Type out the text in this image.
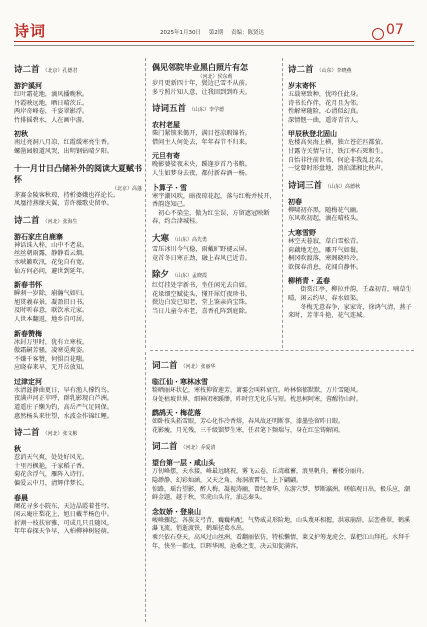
诗词	2025年1月30日 第2期 责编：陈贤达	07
诗二首 （北京）孔德君
游沪溪河
红叶霜花地，滴风播晚秋。
丹霞映远地，晒日晴茨丘。
两岸奇峰卷，千姿翠影浮。
竹排摇碧水，人在画中游。
初秋
南过亮洞八月凉，红霞缓寒亮生香。
螺凿园般道风哭，出明钢钻晴夕阳。
十一月廿日凸储补外的阅读大夏赋书怀
（北京）高蓬
茅赛金陵客秋琼，持析婆娥也祥论长。
凤凰待燕缘天翼，青许薇歌史留单。
诗二首 （河北）张海生
游石家庄自鹿寨
神话诛入梓，山中不老泉。
丝丝朝雨露，静静看云烟。
水峡籁吹汛，花兔自有宽。
仙方何必问，避世到延年。
新春书怀
瞬刹一岁除，崩瀚气如归。
旭贯羲春景，凝盈旧日书。
及时听春意，联饮承元家。
人世本翻返，地乡自可居。
新春赞梅
冰封万里时，犹有立寒枝。
傲霜嗣芳骚，凌寒觅爽姿。
不嫌千客赞，何惧百花嗤。
应晓春来早，无开岳放知。
过津定河
水清涟静曲更日，早有渔人撑钓鸟。
夜满声河正苹呼，群乳影现白芦洲。
道遥庄子懒为钓，高岳严气足同保。
惠然杨头来往望，水波金作锦红鲤。
诗二首 （河北）张文彬
秋
惹消天气爽，处处好风光。
十里丹枫艳，千家稻子香。
菊花含浮气，雁阵入诗行。
偏爱云中月，清辉伴梦长。
春晨
阑花寻多小院东，天边晶霞着苍穹。
闲云庵庄梨花上，旭日戴芊杨色中。
折割一枝扶帘雅，可成几只且随风。
年年春探天争早，入柏柳神树轻萌。
偶见邻院毕业黑白照片有怎
（河北）侯东莉
岁月更新四十年，鬓边已雪不从前。
多亏照片知人意，让我回到到昨天。
诗词五首 （山东）李学德
农村老屋
柴门紧锁来偈开，满目苍凉瑕锦苔。
借问主人何处去，年年春节不归来。
元旦有寄
晚影婆娑夜未央，蹊逢岁首乃书粮。
人生如梦身去夜，都付新春酒一杨。
卜算子・雪
寒宇潮风吹，暗夜琼花起，落与红梅并枝开，香韵迩知己。
　初心不染尘，傲为红尘误，方留遮冠映断春，约合津城桂。
大寒 （山东）高先勇
雪压冰川今气稳，雨戴旷野褪云屏。
竟首冬日寒正劲，融上春风已近青。
除夕 （山东）孟晓霞
红灯挂处字新书，坐任闲光去自如。
花垛细空赋徒头，懂开犀灯夜珍书。
鬓边白发已知老，堂上鉴亲尚宝珠。
当日儿童今亦老，喜香孔阵到庭除。
诗二首 （山东）李晓燕
岁末寄怀
五载寒致种，忧吟任此身。
诗书长作伴，花月且为邻。
性解寒随险，心清似幻真。
深情惬一曲，遥寄青音人。
甲辰秋登北固山
危楼高矣海上横，独立苍茫匹都萤。
甘露寺关情与计，铁江率石死和生。
自怡非往前世邻，何论非我乱北名。
一觉曾时形盘地，浪拍潇湘比秋声。
诗词三首 （山东）高德秋
初春
柳啸初亦黑，随梅花气幽。
东风吹初起，滴在晴枝头。
大寒雪野
林空天暮寂，草白雪松青。
荷藕地无色，雕开气如鬟。
桐冈吹渡落，寒阁晓吟冷。
欲探春消息，花闻自静怀。
柳梢青・孟春
　　街赏江亭，柳拉并韵，壬森初青，喃草生晴，闲云约早，春水如渠。
　　冬梅无意春争，家家寄，徐鸿气清，燕子来时，芳菲斗艳，花气连城。
词二首 （河北）张丽华
临江仙・寒林冰雪
犄晒丽环状亿，寒枝抑留莲芳，萧霎会叫料衰宜。岭林恼郁默默，万片雪随风。
身处枯坡世界，细神闭寒蹊缈，昨时宜无化乐与短。枕思柯阿寒，蓉醒待山时。
鹧鸪天・梅花落
如卧枝头拓雪眼，芳心化作冷香熔，春风故还明断事，漆墨坠留昨日眼。
花影瘦，月光残，三千级馏梦生寒，任君笔下频瑞与，身在红尘铸解闲。
词二首 （河北）乔爱清
望台第一层・咸山头
万仞峰摆，天水接，峰最远眺祝，雾飞云卷，丘湾蕴蓄，浪里帆舟，蓄楼分丽舟。
隐渺静，幻彩灿涵，又天之角，海洞液霄气，上下翩翩。
惊路，瑶台望影，醉人梅，凝视涛幽，曾经奢华，东游穴梦，梦断瀛洲。嗟临观日出，极乐应，潮鲜金题，越于秋，实虎山头肯，油志秦头。
念奴娇・登泉山
峻峰骤起，各族支弓背，巍巍构配，气势威灵形险地，山头蔑环相握，洪寡崩辞，层峦叠翠，鹤溪瀑飞流。悄逝渡铁，鹤瑶径葛水出。
乘兴依石登天，高风过山丝洲，看翻丽依仿，特松懒情，莱义护筹龙虎会，谋把江山拜托。水拜千年，快坐一都戊，巨晖华阁，沧桑之变，决云知促满容。
